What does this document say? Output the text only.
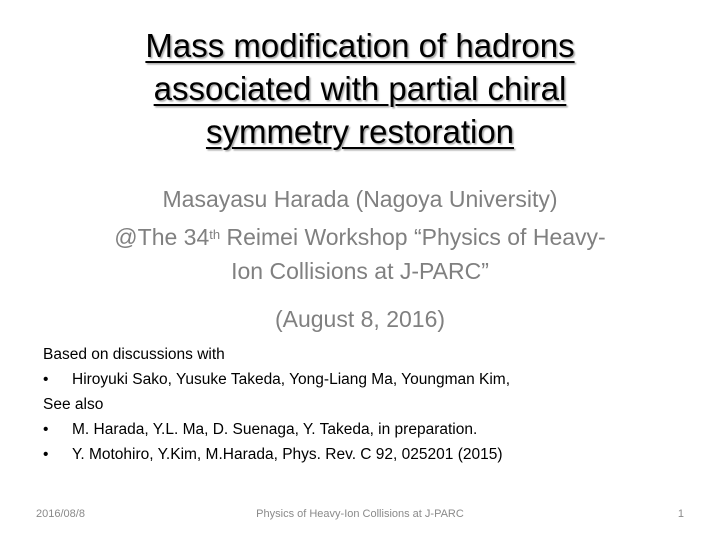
Mass modification of hadrons
associated with partial chiral
symmetry restoration
Masayasu Harada (Nagoya University)
@The 34th Reimei Workshop “Physics of Heavy-
Ion Collisions at J-PARC”
(August 8, 2016)
Based on discussions with
• Hiroyuki Sako, Yusuke Takeda, Yong-Liang Ma, Youngman Kim,
See also
• M. Harada, Y.L. Ma, D. Suenaga, Y. Takeda, in preparation.
• Y. Motohiro, Y.Kim, M.Harada, Phys. Rev. C 92, 025201 (2015)
2016/08/8	Physics of Heavy-Ion Collisions at J-PARC	1
